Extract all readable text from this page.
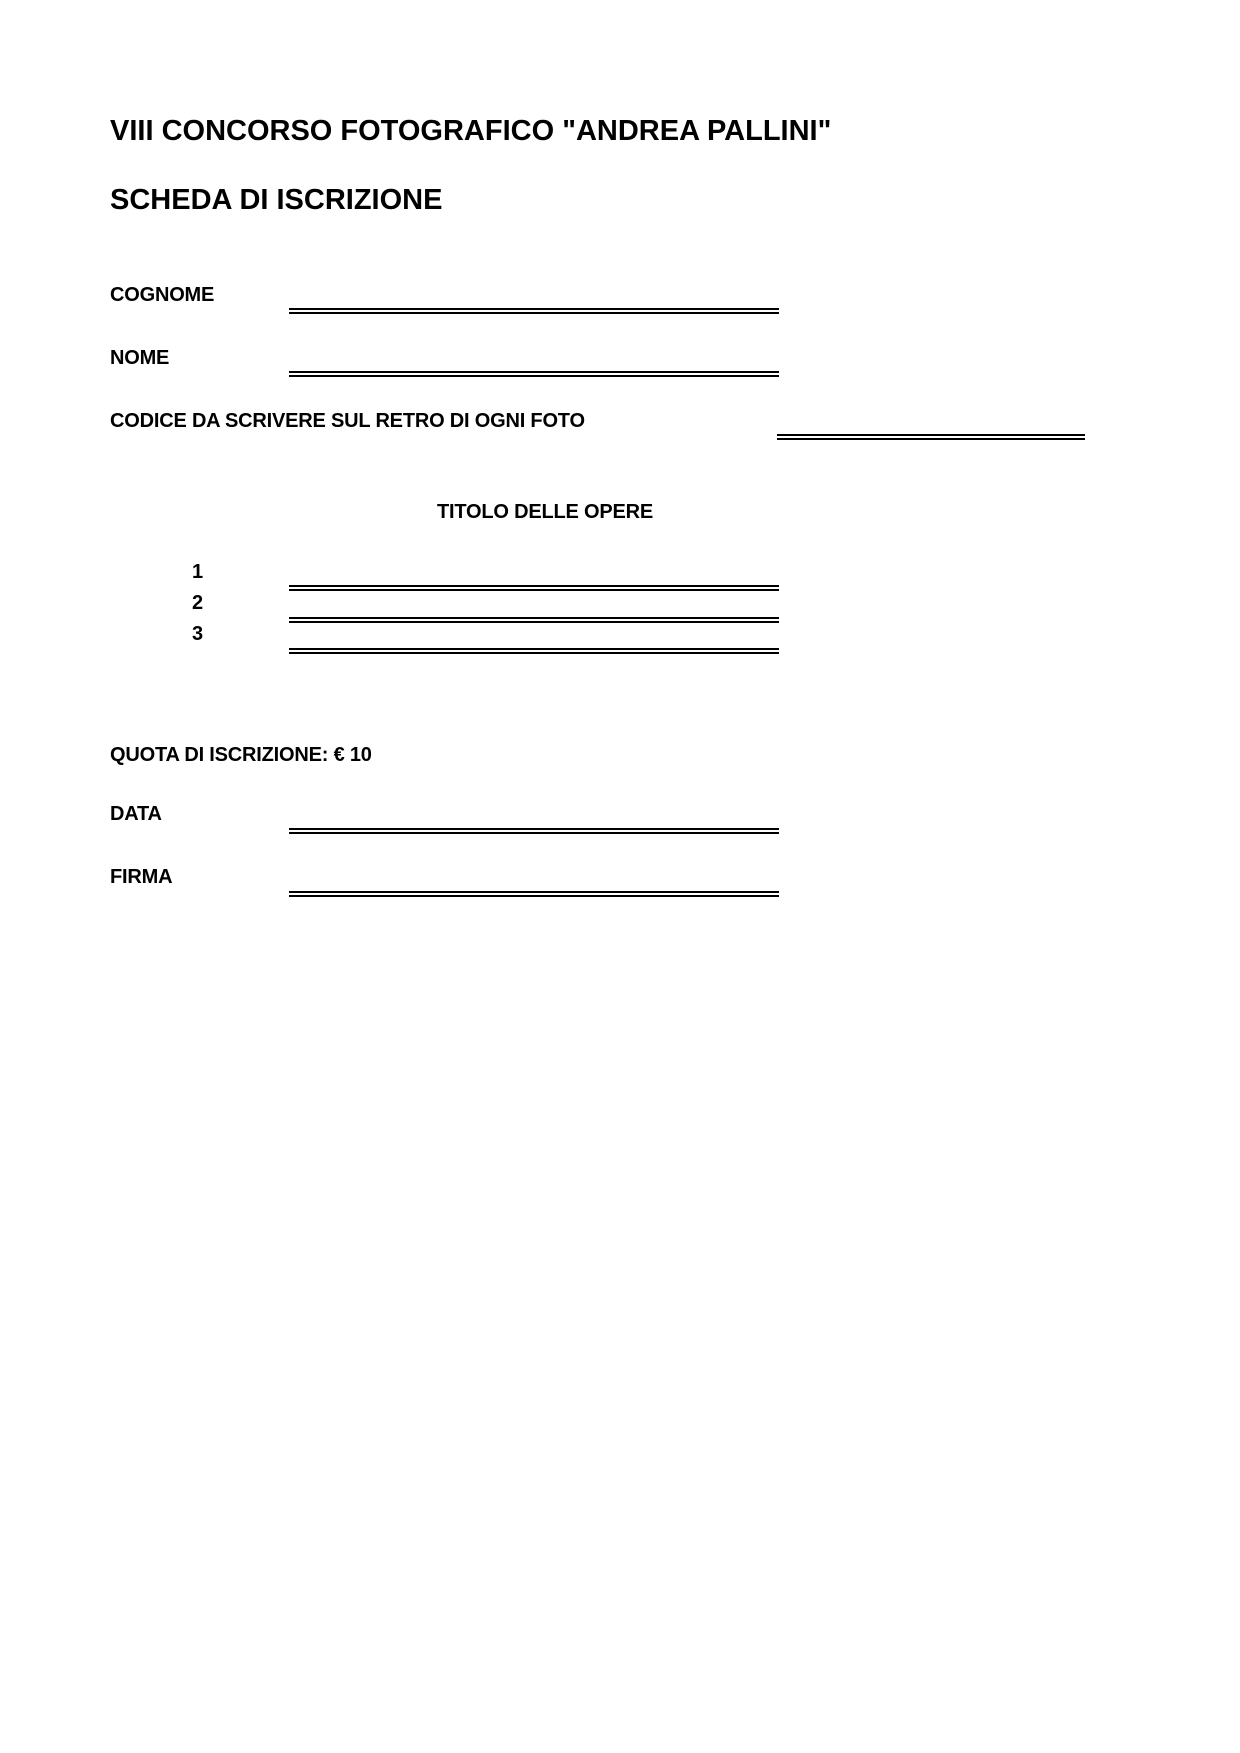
VIII CONCORSO FOTOGRAFICO "ANDREA PALLINI"
SCHEDA DI ISCRIZIONE
COGNOME
NOME
CODICE DA SCRIVERE SUL RETRO DI OGNI FOTO
TITOLO DELLE OPERE
1
2
3
QUOTA DI ISCRIZIONE: € 10
DATA
FIRMA
